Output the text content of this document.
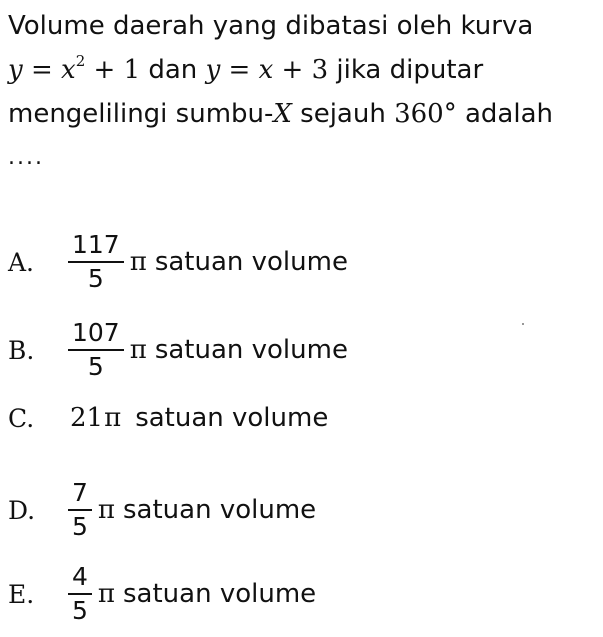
Volume daerah yang dibatasi oleh kurva
$y = x^2 + 1$ dan y = x + 3 jika diputar
mengelilingi sumbu-X sejauh 360° adalah
....
A.	$\frac{117}{5}$ π satuan volume
B.	$\frac{107}{5}$ π satuan volume
C.	21 π satuan volume
D.	$\frac{7}{5}$ π satuan volume
E.	$\frac{4}{5}$ π satuan volume
